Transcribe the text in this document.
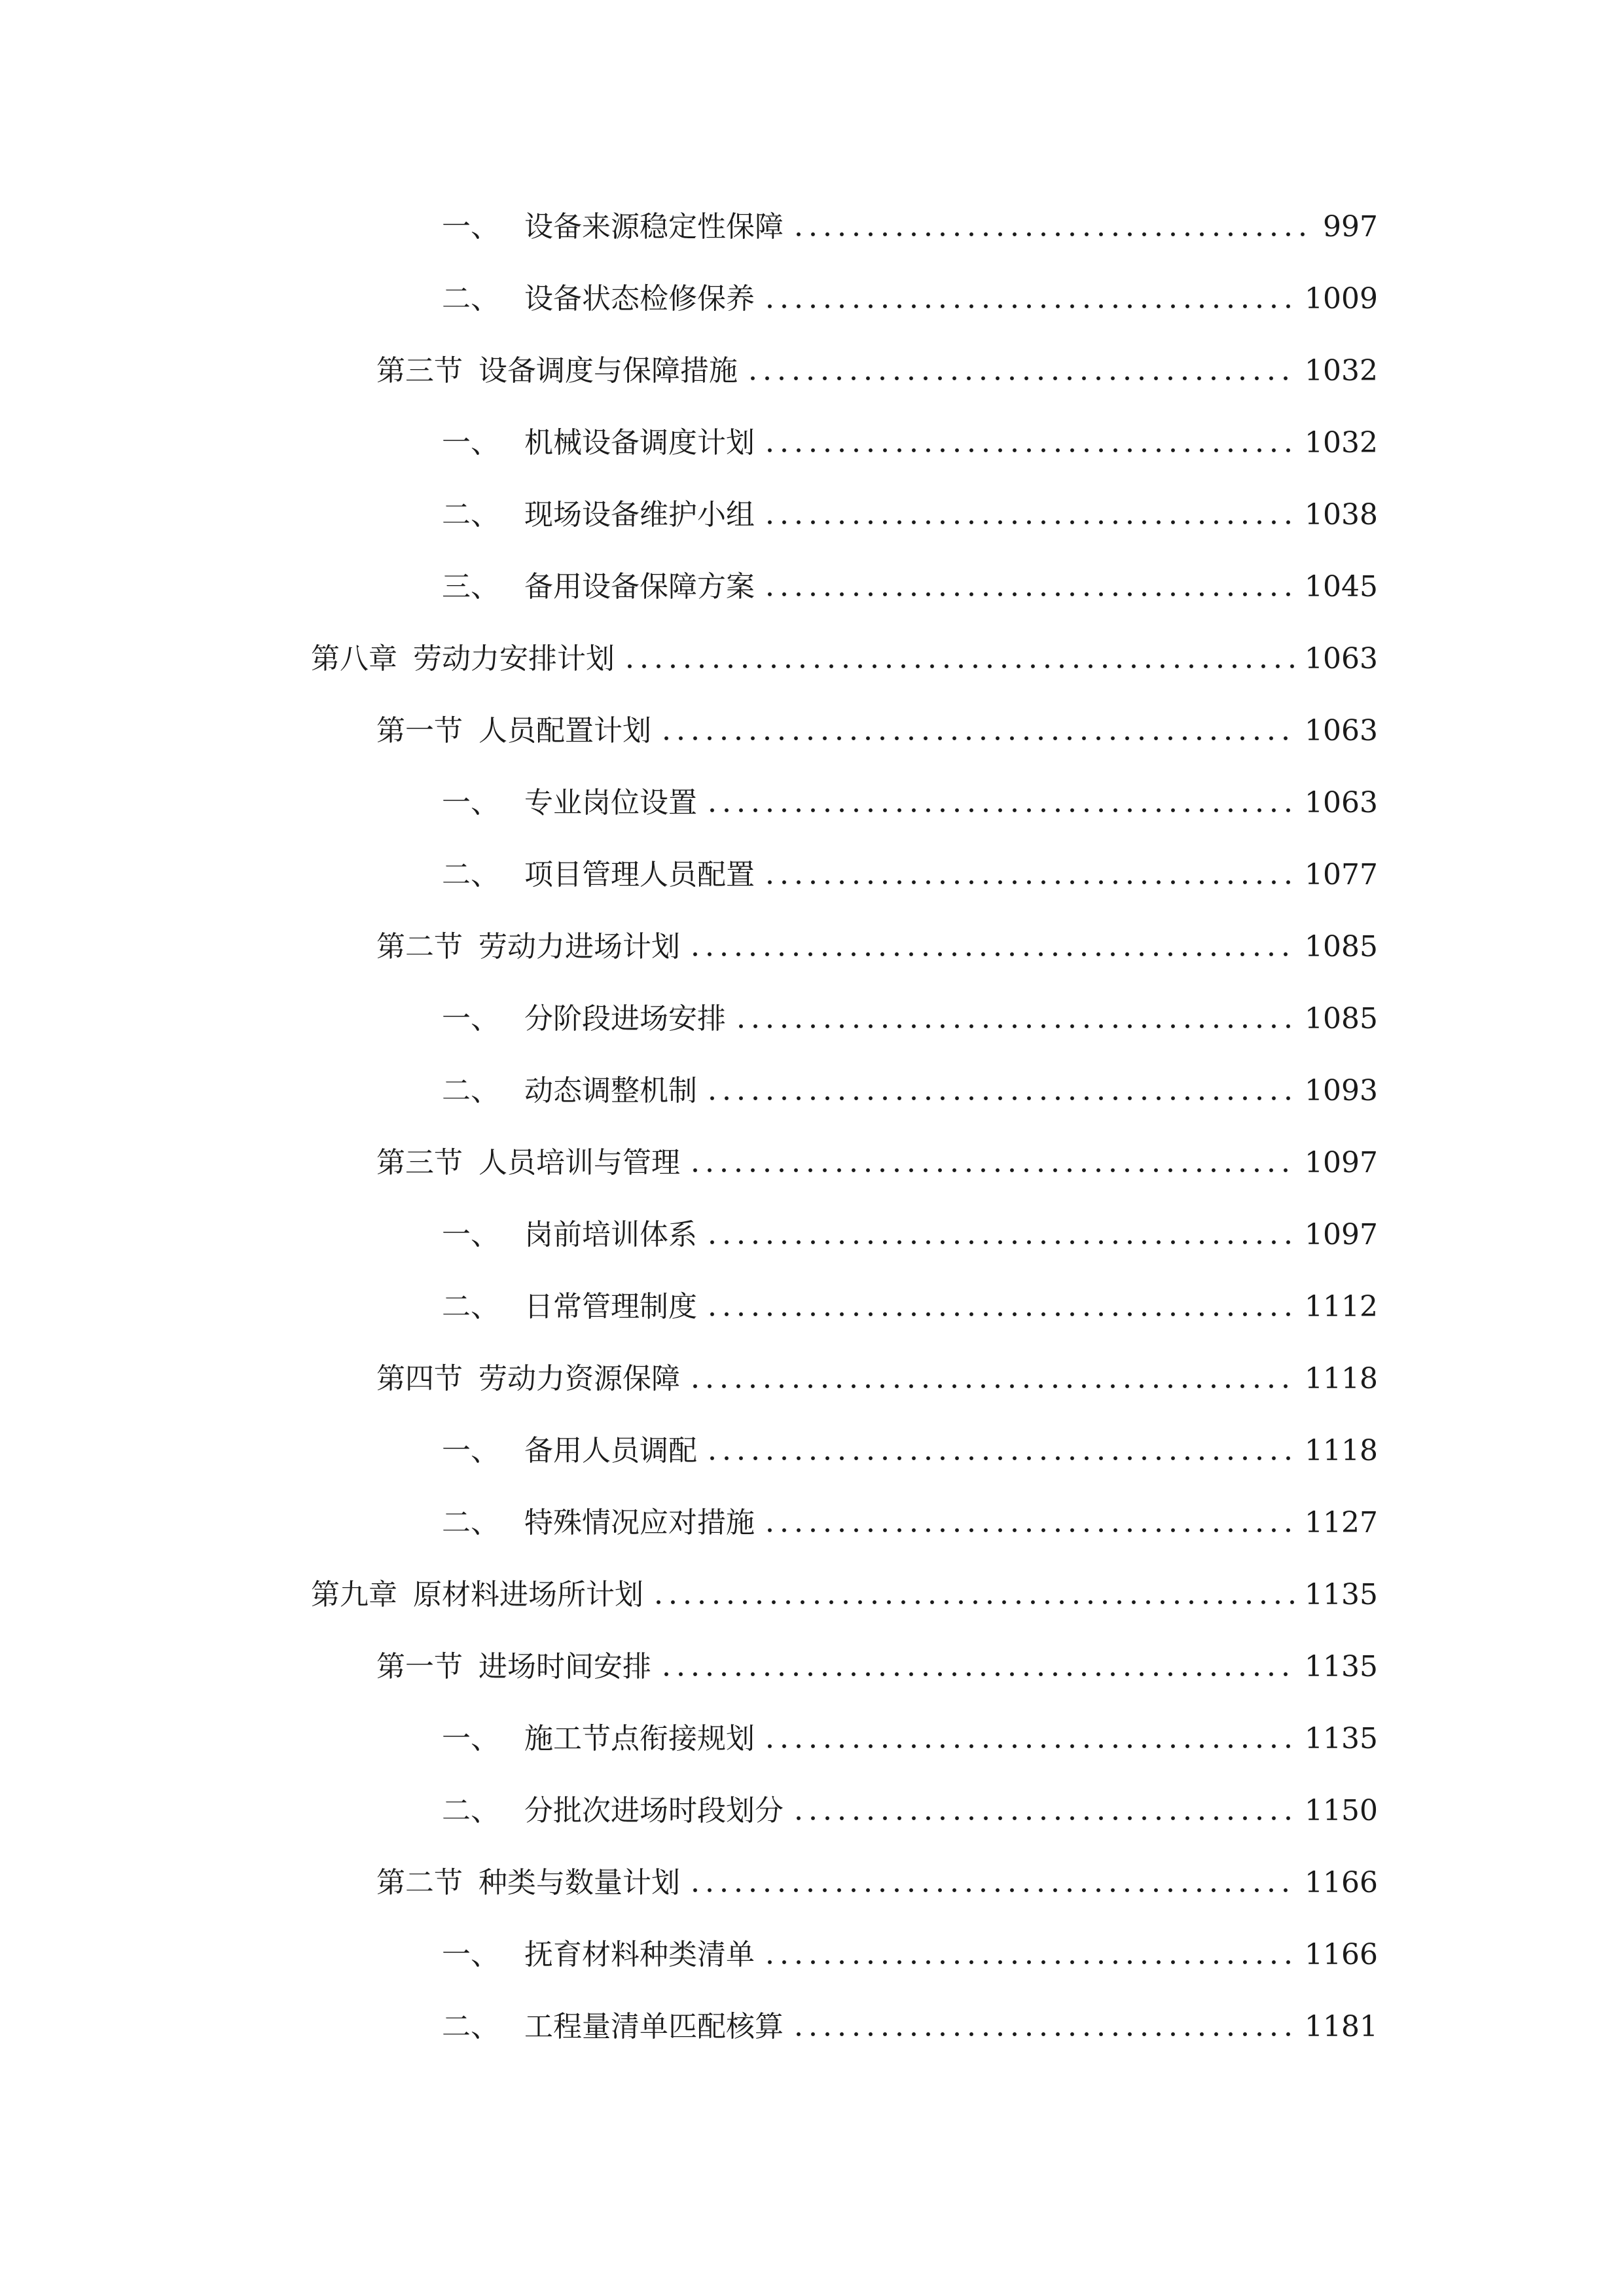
一、 设备来源稳定性保障	997
二、 设备状态检修保养	1009
第三节 设备调度与保障措施	1032
一、 机械设备调度计划	1032
二、 现场设备维护小组	1038
三、 备用设备保障方案	1045
第八章 劳动力安排计划	1063
第一节 人员配置计划	1063
一、 专业岗位设置	1063
二、 项目管理人员配置	1077
第二节 劳动力进场计划	1085
一、 分阶段进场安排	1085
二、 动态调整机制	1093
第三节 人员培训与管理	1097
一、 岗前培训体系	1097
二、 日常管理制度	1112
第四节 劳动力资源保障	1118
一、 备用人员调配	1118
二、 特殊情况应对措施	1127
第九章 原材料进场所计划	1135
第一节 进场时间安排	1135
一、 施工节点衔接规划	1135
二、 分批次进场时段划分	1150
第二节 种类与数量计划	1166
一、 抚育材料种类清单	1166
二、 工程量清单匹配核算	1181
